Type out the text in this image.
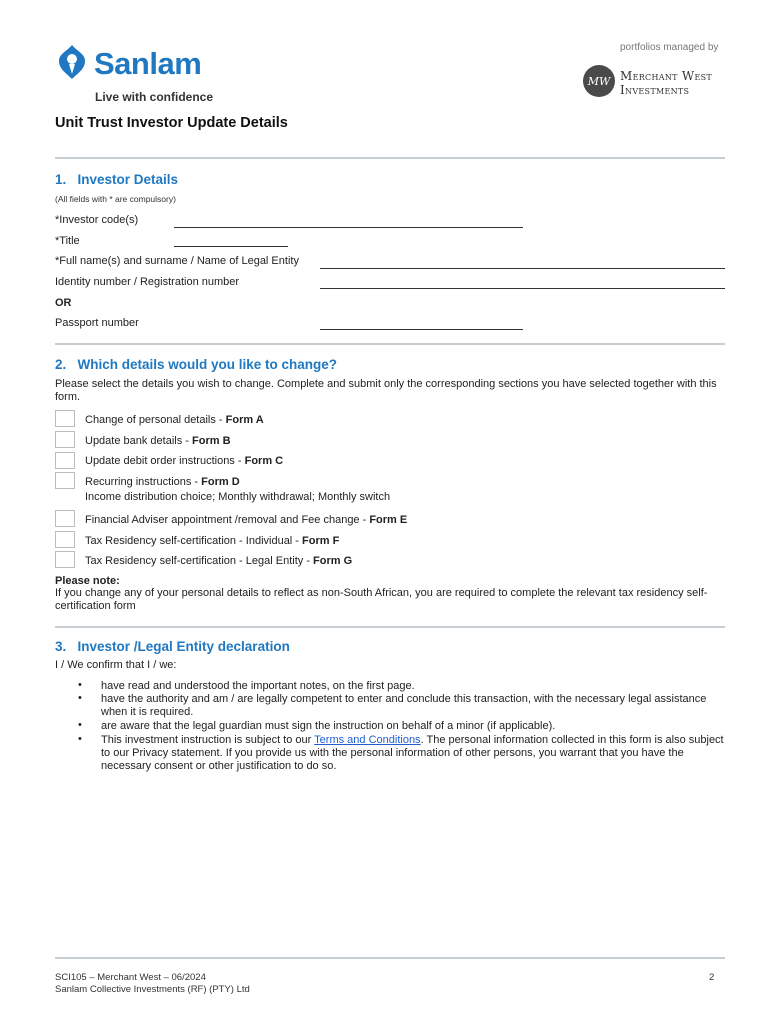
Sanlam
Live with confidence
portfolios managed by
MW Merchant West
Investments
Unit Trust Investor Update Details
1.   Investor Details
(All fields with * are compulsory)
*Investor code(s)
*Title
*Full name(s) and surname / Name of Legal Entity
Identity number / Registration number
OR
Passport number
2.   Which details would you like to change?
Please select the details you wish to change. Complete and submit only the corresponding sections you have selected together with this form.
Change of personal details - Form A
Update bank details - Form B
Update debit order instructions - Form C
Recurring instructions - Form D
Income distribution choice; Monthly withdrawal; Monthly switch
Financial Adviser appointment /removal and Fee change - Form E
Tax Residency self-certification - Individual - Form F
Tax Residency self-certification - Legal Entity - Form G
Please note:
If you change any of your personal details to reflect as non-South African, you are required to complete the relevant tax residency self-certification form
3.   Investor /Legal Entity declaration
I / We confirm that I / we:
• have read and understood the important notes, on the first page.
• have the authority and am / are legally competent to enter and conclude this transaction, with the necessary legal assistance when it is required.
• are aware that the legal guardian must sign the instruction on behalf of a minor (if applicable).
• This investment instruction is subject to our Terms and Conditions. The personal information collected in this form is also subject to our Privacy statement. If you provide us with the personal information of other persons, you warrant that you have the necessary consent or other justification to do so.
SCI105 – Merchant West – 06/2024
Sanlam Collective Investments (RF) (PTY) Ltd
2
